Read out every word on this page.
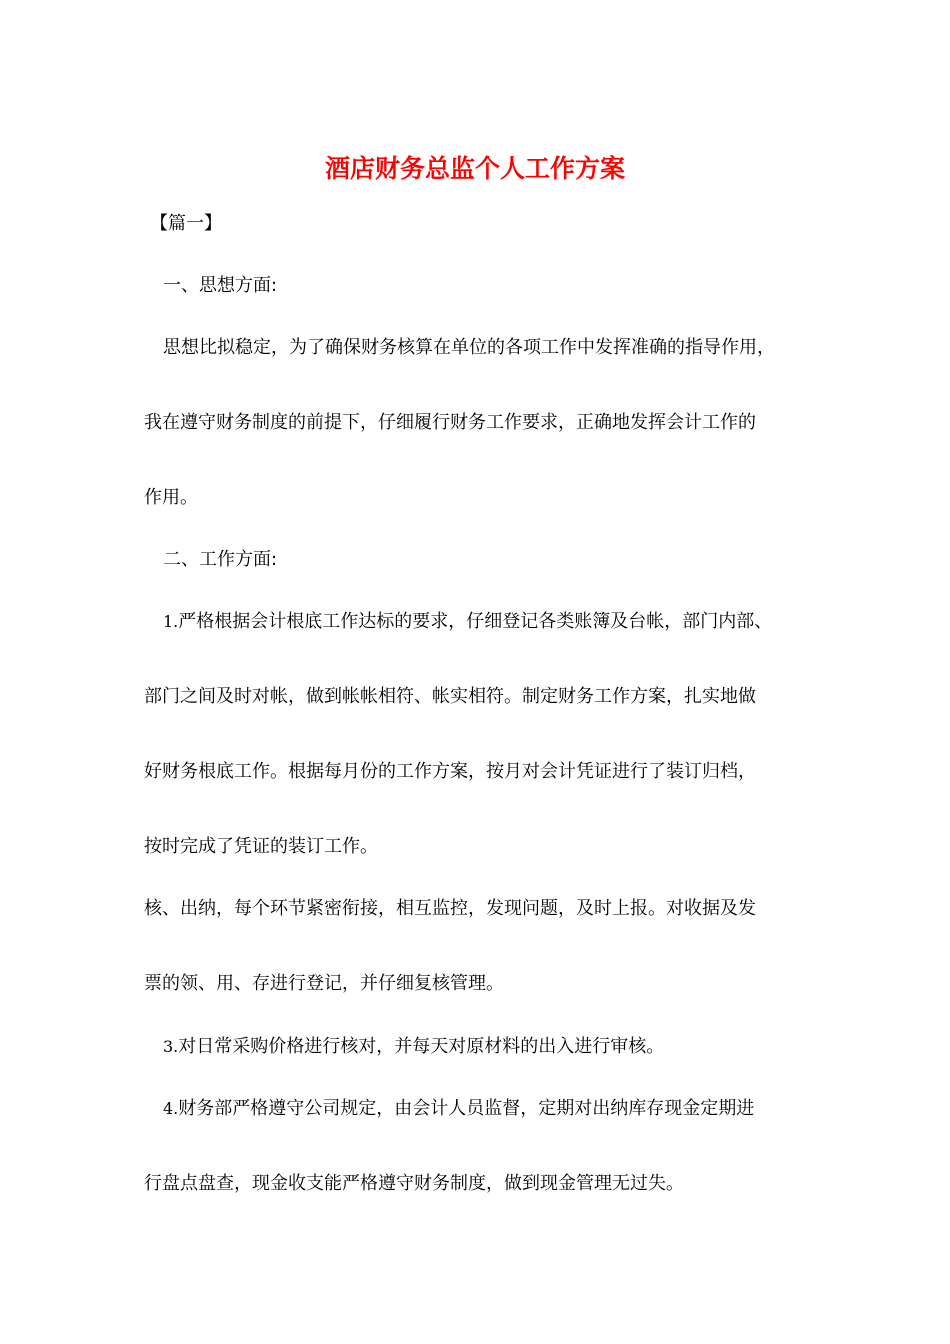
酒店财务总监个人工作方案
【篇一】
一、思想方面:
思想比拟稳定，为了确保财务核算在单位的各项工作中发挥准确的指导作用，
我在遵守财务制度的前提下，仔细履行财务工作要求，正确地发挥会计工作的
作用。
二、工作方面:
1.严格根据会计根底工作达标的要求，仔细登记各类账簿及台帐，部门内部、
部门之间及时对帐，做到帐帐相符、帐实相符。制定财务工作方案，扎实地做
好财务根底工作。根据每月份的工作方案，按月对会计凭证进行了装订归档，
按时完成了凭证的装订工作。
核、出纳，每个环节紧密衔接，相互监控，发现问题，及时上报。对收据及发
票的领、用、存进行登记，并仔细复核管理。
3.对日常采购价格进行核对，并每天对原材料的出入进行审核。
4.财务部严格遵守公司规定，由会计人员监督，定期对出纳库存现金定期进
行盘点盘查，现金收支能严格遵守财务制度，做到现金管理无过失。
